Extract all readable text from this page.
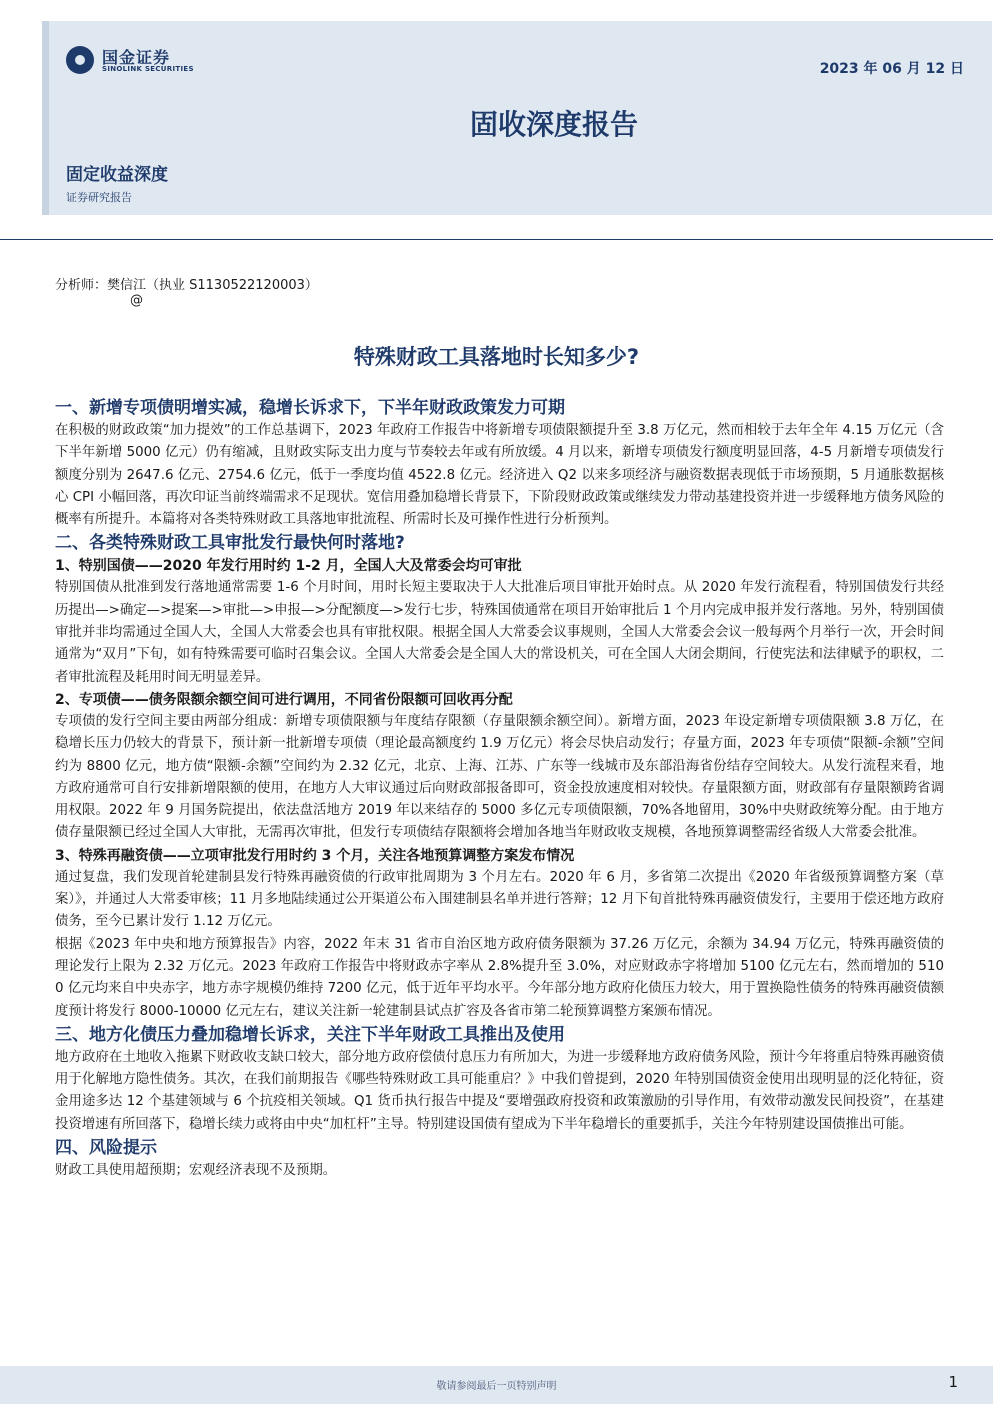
国金证券
SINOLINK SECURITIES	2023 年 06 月 12 日
固收深度报告
固定收益深度
证券研究报告
分析师：樊信江（执业 S1130522120003）
@
特殊财政工具落地时长知多少?
一、新增专项债明增实减，稳增长诉求下，下半年财政政策发力可期
在积极的财政政策“加力提效”的工作总基调下，2023 年政府工作报告中将新增专项债限额提升至 3.8 万亿元，然而相较于去年全年 4.15 万亿元（含下半年新增 5000 亿元）仍有缩减，且财政实际支出力度与节奏较去年或有所放缓。4 月以来，新增专项债发行额度明显回落，4-5 月新增专项债发行额度分别为 2647.6 亿元、2754.6 亿元，低于一季度均值 4522.8 亿元。经济进入 Q2 以来多项经济与融资数据表现低于市场预期，5 月通胀数据核心 CPI 小幅回落，再次印证当前终端需求不足现状。宽信用叠加稳增长背景下，下阶段财政政策或继续发力带动基建投资并进一步缓释地方债务风险的概率有所提升。本篇将对各类特殊财政工具落地审批流程、所需时长及可操作性进行分析预判。
二、各类特殊财政工具审批发行最快何时落地?
1、特别国债——2020 年发行用时约 1-2 月，全国人大及常委会均可审批
特别国债从批准到发行落地通常需要 1-6 个月时间，用时长短主要取决于人大批准后项目审批开始时点。从 2020 年发行流程看，特别国债发行共经历提出—>确定—>提案—>审批—>申报—>分配额度—>发行七步，特殊国债通常在项目开始审批后 1 个月内完成申报并发行落地。另外，特别国债审批并非均需通过全国人大，全国人大常委会也具有审批权限。根据全国人大常委会议事规则，全国人大常委会会议一般每两个月举行一次，开会时间通常为“双月”下旬，如有特殊需要可临时召集会议。全国人大常委会是全国人大的常设机关，可在全国人大闭会期间，行使宪法和法律赋予的职权，二者审批流程及耗用时间无明显差异。
2、专项债——债务限额余额空间可进行调用，不同省份限额可回收再分配
专项债的发行空间主要由两部分组成：新增专项债限额与年度结存限额（存量限额余额空间）。新增方面，2023 年设定新增专项债限额 3.8 万亿，在稳增长压力仍较大的背景下，预计新一批新增专项债（理论最高额度约 1.9 万亿元）将会尽快启动发行；存量方面，2023 年专项债“限额-余额”空间约为 8800 亿元，地方债“限额-余额”空间约为 2.32 亿元，北京、上海、江苏、广东等一线城市及东部沿海省份结存空间较大。从发行流程来看，地方政府通常可自行安排新增限额的使用，在地方人大审议通过后向财政部报备即可，资金投放速度相对较快。存量限额方面，财政部有存量限额跨省调用权限。2022 年 9 月国务院提出，依法盘活地方 2019 年以来结存的 5000 多亿元专项债限额，70%各地留用，30%中央财政统筹分配。由于地方债存量限额已经过全国人大审批，无需再次审批，但发行专项债结存限额将会增加各地当年财政收支规模，各地预算调整需经省级人大常委会批准。
3、特殊再融资债——立项审批发行用时约 3 个月，关注各地预算调整方案发布情况
通过复盘，我们发现首轮建制县发行特殊再融资债的行政审批周期为 3 个月左右。2020 年 6 月，多省第二次提出《2020 年省级预算调整方案（草案）》，并通过人大常委审核；11 月多地陆续通过公开渠道公布入围建制县名单并进行答辩；12 月下旬首批特殊再融资债发行，主要用于偿还地方政府债务，至今已累计发行 1.12 万亿元。
根据《2023 年中央和地方预算报告》内容，2022 年末 31 省市自治区地方政府债务限额为 37.26 万亿元，余额为 34.94 万亿元，特殊再融资债的理论发行上限为 2.32 万亿元。2023 年政府工作报告中将财政赤字率从 2.8%提升至 3.0%，对应财政赤字将增加 5100 亿元左右，然而增加的 5100 亿元均来自中央赤字，地方赤字规模仍维持 7200 亿元，低于近年平均水平。今年部分地方政府化债压力较大，用于置换隐性债务的特殊再融资债额度预计将发行 8000-10000 亿元左右，建议关注新一轮建制县试点扩容及各省市第二轮预算调整方案颁布情况。
三、地方化债压力叠加稳增长诉求，关注下半年财政工具推出及使用
地方政府在土地收入拖累下财政收支缺口较大，部分地方政府偿债付息压力有所加大，为进一步缓释地方政府债务风险，预计今年将重启特殊再融资债用于化解地方隐性债务。其次，在我们前期报告《哪些特殊财政工具可能重启？》中我们曾提到，2020 年特别国债资金使用出现明显的泛化特征，资金用途多达 12 个基建领域与 6 个抗疫相关领域。Q1 货币执行报告中提及“要增强政府投资和政策激励的引导作用，有效带动激发民间投资”，在基建投资增速有所回落下，稳增长续力或将由中央“加杠杆”主导。特别建设国债有望成为下半年稳增长的重要抓手，关注今年特别建设国债推出可能。
四、风险提示
财政工具使用超预期；宏观经济表现不及预期。
敬请参阅最后一页特别声明	1
